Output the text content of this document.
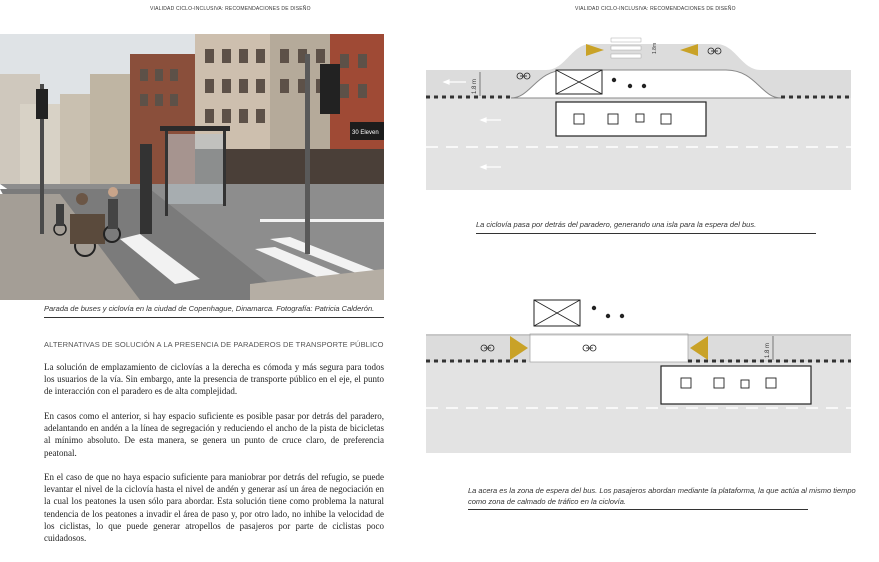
VIALIDAD CICLO-INCLUSIVA: RECOMENDACIONES DE DISEÑO
30 Eleven
Parada de buses y ciclovía en la ciudad de Copenhague, Dinamarca. Fotografía: Patricia Calderón.
ALTERNATIVAS DE SOLUCIÓN A LA PRESENCIA DE PARADEROS DE TRANSPORTE PÚBLICO

La solución de emplazamiento de ciclovías a la derecha es cómoda y más segura para todos los usuarios de la vía. Sin embargo, ante la presencia de transporte público en el eje, el punto de interacción con el paradero es de alta complejidad.

En casos como el anterior, si hay espacio suficiente es posible pasar por detrás del paradero, adelantando en andén a la línea de segregación y reduciendo el ancho de la pista de bicicletas al mínimo absoluto. De esta manera, se genera un punto de cruce claro, de preferencia peatonal.

En el caso de que no haya espacio suficiente para maniobrar por detrás del refugio, se puede levantar el nivel de la ciclovía hasta el nivel de andén y generar así un área de negociación en la cual los peatones la usen sólo para abordar. Esta solución tiene como problema la natural tendencia de los peatones a invadir el área de paso y, por otro lado, no inhibe la velocidad de los ciclistas, lo que puede generar atropellos de pasajeros por parte de ciclistas poco cuidadosos.

VIALIDAD CICLO-INCLUSIVA: RECOMENDACIONES DE DISEÑO
1.8 m
1.8m
La ciclovía pasa por detrás del paradero, generando una isla para la espera del bus.
1.8 m
La acera es la zona de espera del bus. Los pasajeros abordan mediante la plataforma, la que actúa al mismo tiempo
como zona de calmado de tráfico en la ciclovía.
